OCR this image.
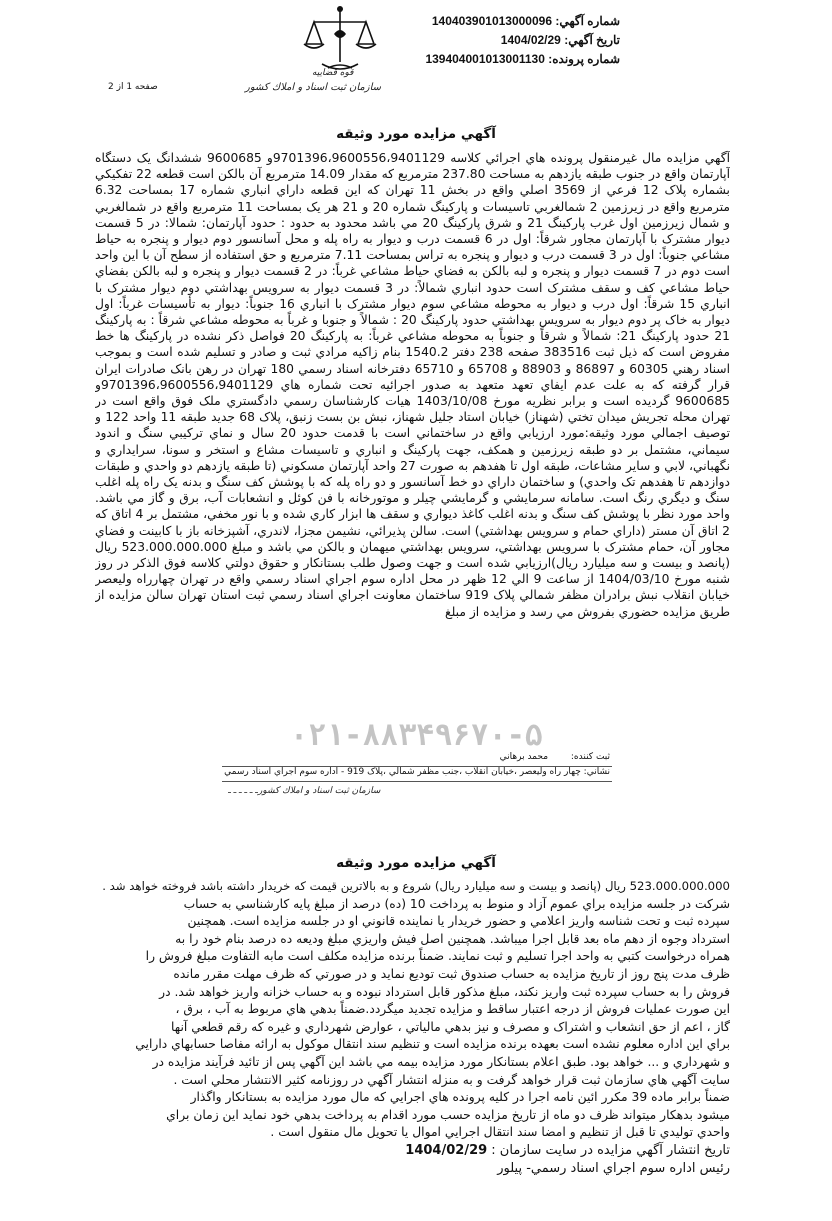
قوه قضاييه
سازمان ثبت اسناد و املاك كشور
شماره آگهي: 140403901013000096
تاريخ آگهي: 1404/02/29
شماره پرونده: 139404001013001130
صفحه 1 از 2
آگهي مزايده مورد وثيقه
آگهي مزايده مال غيرمنقول پرونده هاي اجرائي كلاسه 9701396،9600556،9401129و 9600685 ششدانگ يک دستگاه آپارتمان واقع در جنوب طبقه يازدهم به مساحت 237.80 مترمربع كه مقدار 14.09 مترمربع آن بالكن است قطعه 22 تفكيكي بشماره پلاک 12 فرعي از 3569 اصلي واقع در بخش 11 تهران كه اين قطعه داراي انباري شماره 17 بمساحت 6.32 مترمربع واقع در زيرزمين 2 شمالغربي تاسيسات و پاركينگ شماره 20 و 21 هر يک بمساحت 11 مترمربع واقع در شمالغربي و شمال زيرزمين اول غرب پاركينگ 21 و شرق پاركينگ 20 مي باشد محدود به حدود : حدود آپارتمان: شمالا: در 5 قسمت ديوار مشترک با آپارتمان مجاور شرقاً: اول در 6 قسمت درب و ديوار به راه پله و محل آسانسور دوم ديوار و پنجره به حياط مشاعي جنوباً: اول در 3 قسمت درب و ديوار و پنجره به تراس بمساحت 7.11 مترمربع و حق استفاده از سطح آن با اين واحد است دوم در 7 قسمت ديوار و پنجره و لبه بالكن به فضاي حياط مشاعي غرباً: در 2 قسمت ديوار و پنجره و لبه بالكن بفضاي حياط مشاعي كف و سقف مشترک است حدود انباري شمالاً: در 3 قسمت ديوار به سرويس بهداشتي دوم ديوار مشترک با انباري 15 شرقاً: اول درب و ديوار به محوطه مشاعي سوم ديوار مشترک با انباري 16 جنوباً: ديوار به تأسيسات غرباً: اول ديوار به خاک پر دوم ديوار به سرويس بهداشتي حدود پاركينگ 20 : شمالاً و جنوبا و غرباً به محوطه مشاعي شرقاً : به پاركينگ 21 حدود پاركينگ 21: شمالاً و شرقاً و جنوباً به محوطه مشاعي غرباً: به پاركينگ 20 فواصل ذكر نشده در پاركينگ ها خط مفروض است كه ذيل ثبت 383516 صفحه 238 دفتر 1540.2 بنام زاكيه مرادي ثبت و صادر و تسليم شده است و بموجب اسناد رهني 60305 و 86897 و 88903 و 65708 و 65710 دفترخانه اسناد رسمي 180 تهران در رهن بانک صادرات ايران قرار گرفته كه به علت عدم ايفاي تعهد متعهد به صدور اجرائيه تحت شماره هاي 9701396،9600556،9401129و 9600685 گرديده است و برابر نظريه مورخ 1403/10/08 هيات كارشناسان رسمي دادگستري ملک فوق واقع است در تهران محله تجريش ميدان تختي (شهناز) خيابان استاد جليل شهناز، نبش بن بست زنبق، پلاک 68 جديد طبقه 11 واحد 122 و توصيف اجمالي مورد وثيقه:مورد ارزيابي واقع در ساختماني است با قدمت حدود 20 سال و نماي تركيبي سنگ و اندود سيماني، مشتمل بر دو طبقه زيرزمين و همكف، جهت پاركينگ و انباري و تاسيسات مشاع و استخر و سونا، سرايداري و نگهباني، لابي و ساير مشاعات، طبقه اول تا هفدهم به صورت 27 واحد آپارتمان مسكوني (تا طبقه يازدهم دو واحدي و طبقات دوازدهم تا هفدهم تک واحدي) و ساختمان داراي دو خط آسانسور و دو راه پله كه با پوشش كف سنگ و بدنه يک راه پله اغلب سنگ و ديگري رنگ است. سامانه سرمايشي و گرمايشي چيلر و موتورخانه با فن كوئل و انشعابات آب، برق و گاز مي باشد. واحد مورد نظر با پوشش كف سنگ و بدنه اغلب كاغذ ديواري و سقف ها ابزار كاري شده و با نور مخفي، مشتمل بر 4 اتاق كه 2 اتاق آن مستر (داراي حمام و سرويس بهداشتي) است. سالن پذيرائي، نشيمن مجزا، لاندري، آشپزخانه باز با كابينت و فضاي مجاور آن، حمام مشترک با سرويس بهداشتي، سرويس بهداشتي ميهمان و بالكن مي باشد و مبلغ 523.000.000.000 ريال (پانصد و بيست و سه ميلیارد ريال)ارزيابي شده است و جهت وصول طلب بستانكار و حقوق دولتي كلاسه فوق الذكر در روز شنبه مورخ 1404/03/10 از ساعت 9 الي 12 ظهر در محل اداره سوم اجراي اسناد رسمي واقع در تهران چهارراه وليعصر خيابان انقلاب نبش برادران مظفر شمالي پلاک 919 ساختمان معاونت اجراي اسناد رسمي ثبت استان تهران سالن مزايده از طريق مزايده حضوري بفروش مي رسد و مزايده از مبلغ
۰۲۱-۸۸۳۴۹۶۷۰-۵
ثبت كننده: محمد برهاني
نشاني: چهار راه وليعصر ،خيابان انقلاب ،جنب مظفر شمالي ،پلاک 919 - اداره سوم اجراي اسناد رسمي
سازمان ثبت اسناد و املاك كشور
آگهي مزايده مورد وثيقه
523.000.000.000 ريال (پانصد و بيست و سه ميلیارد ريال) شروع و به بالاترين قيمت كه خريدار داشته باشد فروخته خواهد شد .
شركت در جلسه مزايده براي عموم آزاد و منوط به پرداخت 10 (ده) درصد از مبلغ پايه كارشناسي به حساب
سپرده ثبت و تحت شناسه واريز اعلامي و حضور خريدار يا نماينده قانوني او در جلسه مزايده است. همچنين
استرداد وجوه از دهم ماه بعد قابل اجرا ميباشد. همچنين اصل فيش واريزي مبلغ وديعه ده درصد بنام خود را به
همراه درخواست كتبي به واحد اجرا تسليم و ثبت نمايند. ضمناً برنده مزايده مكلف است مابه التفاوت مبلغ فروش را
ظرف مدت پنج روز از تاريخ مزايده به حساب صندوق ثبت توديع نمايد و در صورتي كه ظرف مهلت مقرر مانده
فروش را به حساب سپرده ثبت واريز نكند، مبلغ مذكور قابل استرداد نبوده و به حساب خزانه واريز خواهد شد. در
اين صورت عمليات فروش از درجه اعتبار ساقط و مزايده تجديد ميگردد.ضمناً بدهي هاي مربوط به آب ، برق ،
گاز ، اعم از حق انشعاب و اشتراک و مصرف و نيز بدهي مالياتي ، عوارض شهرداري و غيره كه رقم قطعي آنها
براي اين اداره معلوم نشده است بعهده برنده مزايده است و تنظيم سند انتقال موكول به ارائه مفاصا حسابهاي دارايي
و شهرداري و ... خواهد بود. طبق اعلام بستانكار مورد مزايده بيمه مي باشد اين آگهي پس از تائيد فرآيند مزايده در
سايت آگهي هاي سازمان ثبت قرار خواهد گرفت و به منزله انتشار آگهي در روزنامه كثير الانتشار محلي است .
ضمناً برابر ماده 39 مكرر ائين نامه اجرا در كليه پرونده هاي اجرايي كه مال مورد مزايده به بستانكار واگذار
ميشود بدهكار ميتواند ظرف دو ماه از تاريخ مزايده حسب مورد اقدام به پرداخت بدهي خود نمايد اين زمان براي
واحدي توليدي تا قبل از تنظيم و امضا سند انتقال اجرايي اموال يا تحويل مال منقول است .
تاريخ انتشار آگهي مزايده در سايت سازمان : 1404/02/29
رئيس اداره سوم اجراي اسناد رسمي- پيلور
